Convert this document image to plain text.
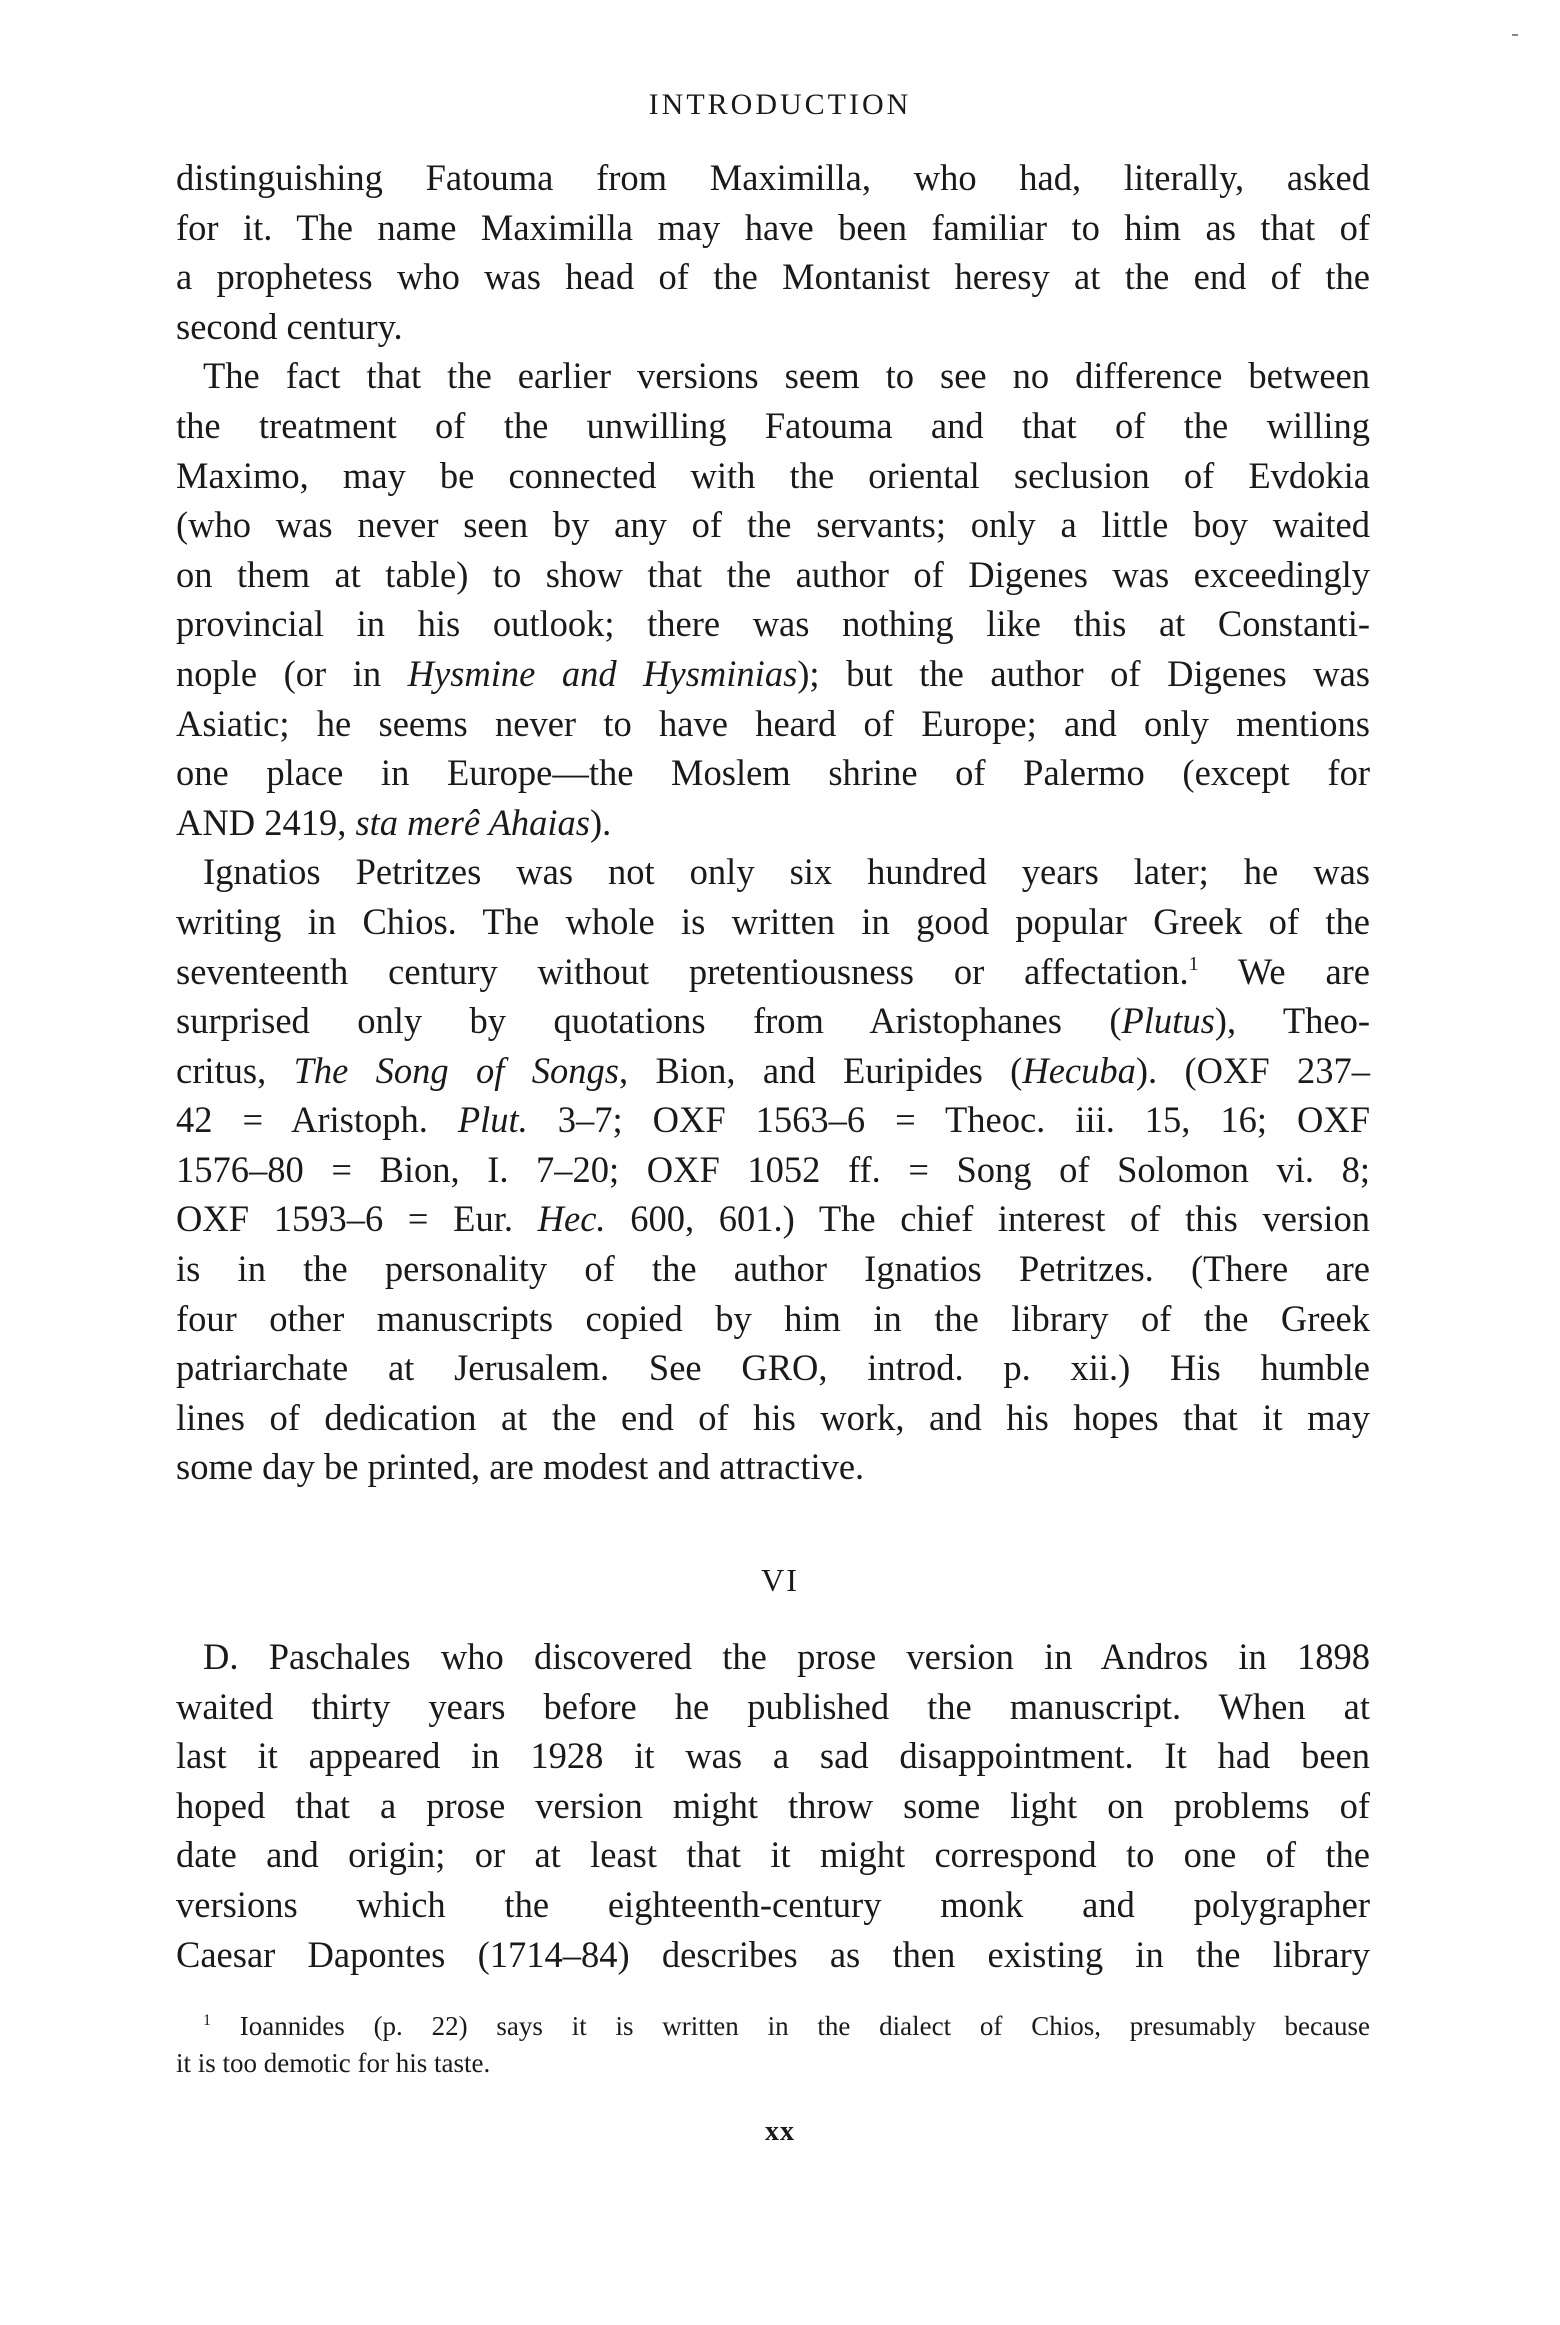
INTRODUCTION
distinguishing Fatouma from Maximilla, who had, literally, asked
for it. The name Maximilla may have been familiar to him as that of
a prophetess who was head of the Montanist heresy at the end of the
second century.
The fact that the earlier versions seem to see no difference between
the treatment of the unwilling Fatouma and that of the willing
Maximo, may be connected with the oriental seclusion of Evdokia
(who was never seen by any of the servants; only a little boy waited
on them at table) to show that the author of Digenes was exceedingly
provincial in his outlook; there was nothing like this at Constanti-
nople (or in Hysmine and Hysminias); but the author of Digenes was
Asiatic; he seems never to have heard of Europe; and only mentions
one place in Europe—the Moslem shrine of Palermo (except for
AND 2419, sta merê Ahaias).
Ignatios Petritzes was not only six hundred years later; he was
writing in Chios. The whole is written in good popular Greek of the
seventeenth century without pretentiousness or affectation.$^1$ We are
surprised only by quotations from Aristophanes (Plutus), Theo-
critus, The Song of Songs, Bion, and Euripides (Hecuba). (OXF 237–
42 = Aristoph. Plut. 3–7; OXF 1563–6 = Theoc. iii. 15, 16; OXF
1576–80 = Bion, I. 7–20; OXF 1052 ff. = Song of Solomon vi. 8;
OXF 1593–6 = Eur. Hec. 600, 601.) The chief interest of this version
is in the personality of the author Ignatios Petritzes. (There are
four other manuscripts copied by him in the library of the Greek
patriarchate at Jerusalem. See GRO, introd. p. xii.) His humble
lines of dedication at the end of his work, and his hopes that it may
some day be printed, are modest and attractive.
VI
D. Paschales who discovered the prose version in Andros in 1898
waited thirty years before he published the manuscript. When at
last it appeared in 1928 it was a sad disappointment. It had been
hoped that a prose version might throw some light on problems of
date and origin; or at least that it might correspond to one of the
versions which the eighteenth-century monk and polygrapher
Caesar Dapontes (1714–84) describes as then existing in the library
$^1$ Ioannides (p. 22) says it is written in the dialect of Chios, presumably because
it is too demotic for his taste.
xx
